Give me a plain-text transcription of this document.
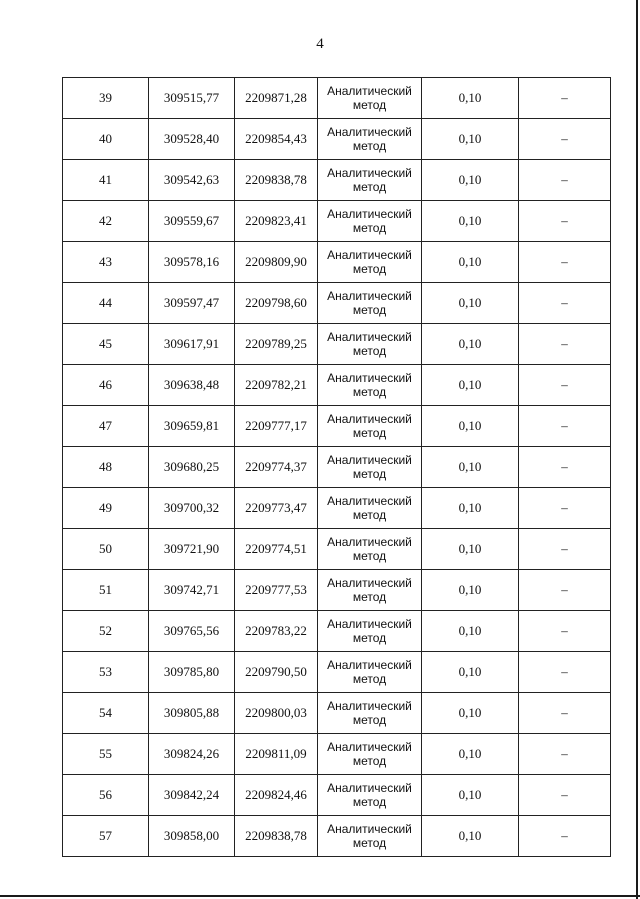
4
39	309515,77	2209871,28	Аналитический
метод	0,10	–
40	309528,40	2209854,43	Аналитический
метод	0,10	–
41	309542,63	2209838,78	Аналитический
метод	0,10	–
42	309559,67	2209823,41	Аналитический
метод	0,10	–
43	309578,16	2209809,90	Аналитический
метод	0,10	–
44	309597,47	2209798,60	Аналитический
метод	0,10	–
45	309617,91	2209789,25	Аналитический
метод	0,10	–
46	309638,48	2209782,21	Аналитический
метод	0,10	–
47	309659,81	2209777,17	Аналитический
метод	0,10	–
48	309680,25	2209774,37	Аналитический
метод	0,10	–
49	309700,32	2209773,47	Аналитический
метод	0,10	–
50	309721,90	2209774,51	Аналитический
метод	0,10	–
51	309742,71	2209777,53	Аналитический
метод	0,10	–
52	309765,56	2209783,22	Аналитический
метод	0,10	–
53	309785,80	2209790,50	Аналитический
метод	0,10	–
54	309805,88	2209800,03	Аналитический
метод	0,10	–
55	309824,26	2209811,09	Аналитический
метод	0,10	–
56	309842,24	2209824,46	Аналитический
метод	0,10	–
57	309858,00	2209838,78	Аналитический
метод	0,10	–
